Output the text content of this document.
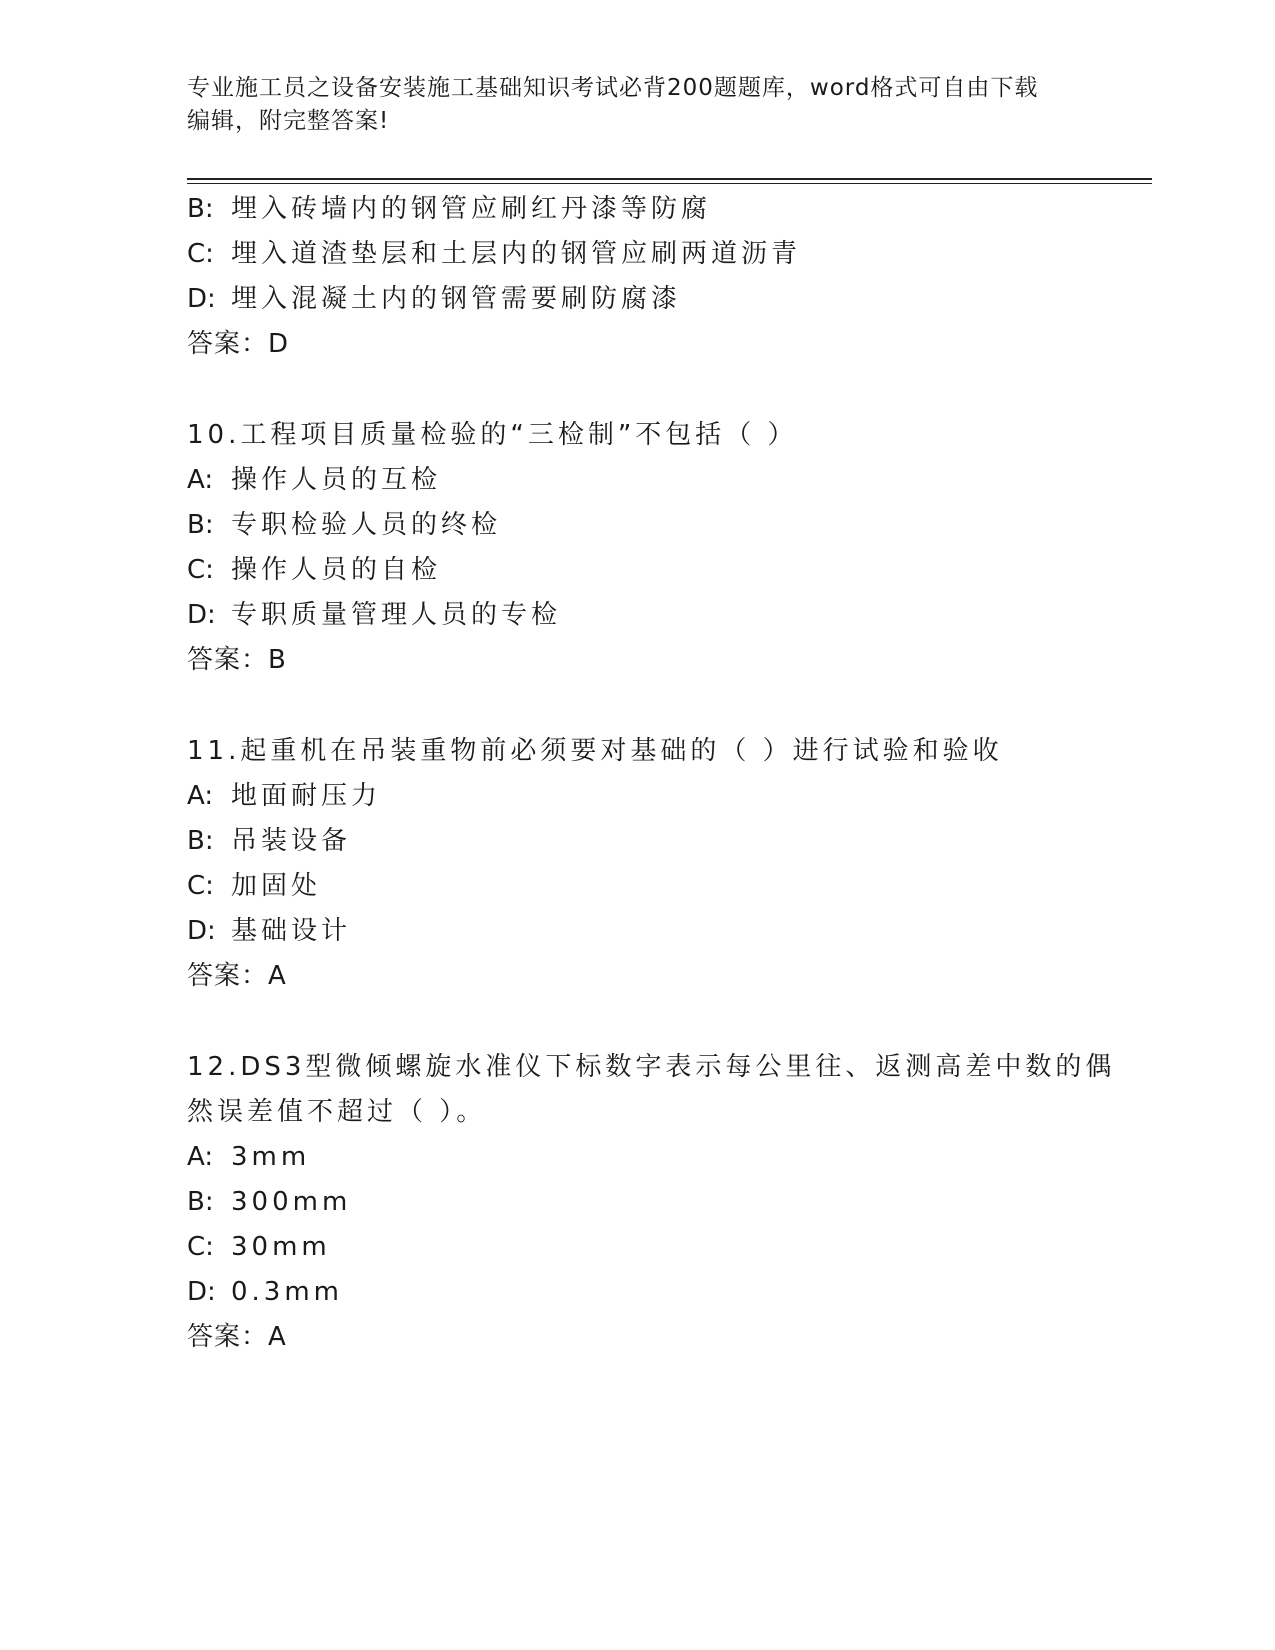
专业施工员之设备安装施工基础知识考试必背200题题库，word格式可自由下载
编辑，附完整答案!
B: 埋入砖墙内的钢管应刷红丹漆等防腐
C: 埋入道渣垫层和土层内的钢管应刷两道沥青
D: 埋入混凝土内的钢管需要刷防腐漆
答案：D
10.工程项目质量检验的“三检制”不包括（ ）
A: 操作人员的互检
B: 专职检验人员的终检
C: 操作人员的自检
D: 专职质量管理人员的专检
答案：B
11.起重机在吊装重物前必须要对基础的（ ）进行试验和验收
A: 地面耐压力
B: 吊装设备
C: 加固处
D: 基础设计
答案：A
12.DS3型微倾螺旋水准仪下标数字表示每公里往、返测高差中数的偶
然误差值不超过（ ）。
A: 3mm
B: 300mm
C: 30mm
D: 0.3mm
答案：A
